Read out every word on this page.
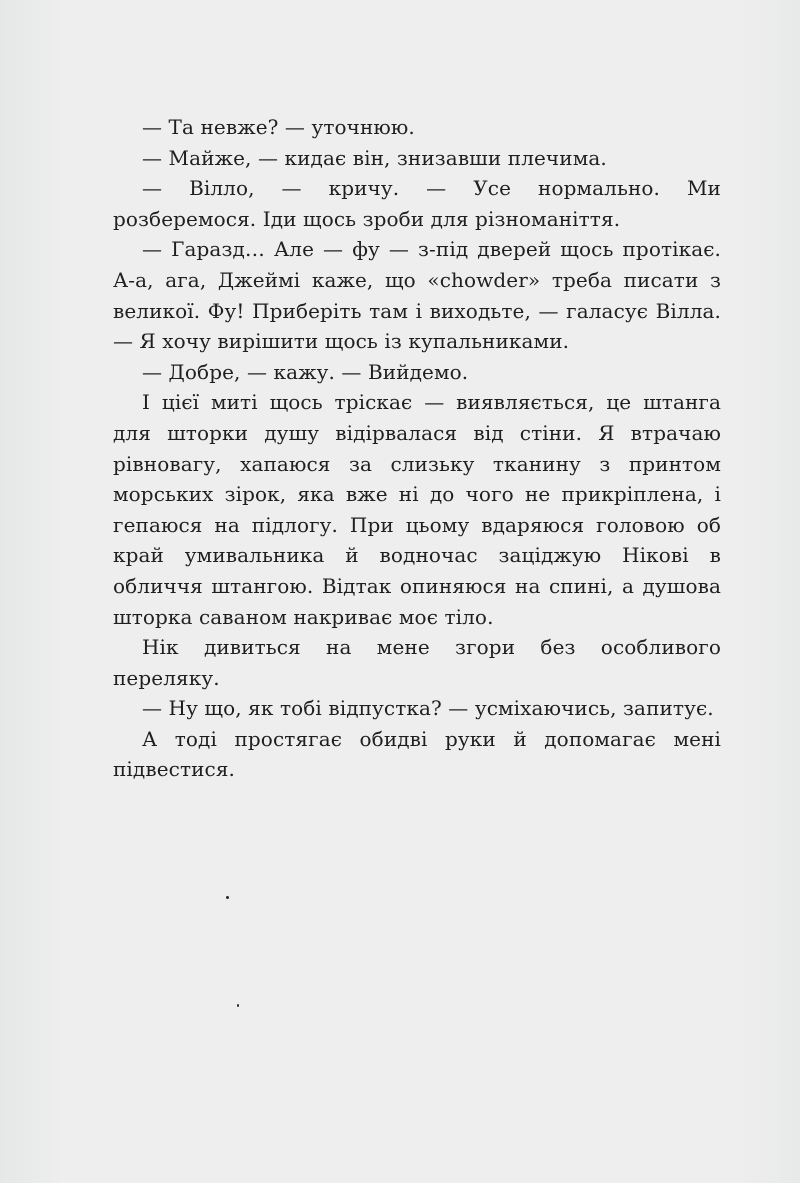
— Та невже? — уточнюю.

— Майже, — кидає він, знизавши плечима.

— Вілло, — кричу. — Усе нормально. Ми розберемося. Іди щось зроби для різноманіття.

— Гаразд… Але — фу — з-під дверей щось протікає. А-а, ага, Джеймі каже, що «chowder» треба писати з великої. Фу! Приберіть там і виходьте, — галасує Вілла. — Я хочу вирішити щось із купальниками.

— Добре, — кажу. — Вийдемо.

І цієї миті щось тріскає — виявляється, це штанга для шторки душу відірвалася від стіни. Я втрачаю рівновагу, хапаюся за слизьку тканину з принтом морських зірок, яка вже ні до чого не прикріплена, і гепаюся на підлогу. При цьому вдаряюся головою об край умивальника й водночас заціджую Нікові в обличчя штангою. Відтак опиняюся на спині, а душова шторка саваном накриває моє тіло.

Нік дивиться на мене згори без особливого переляку.

— Ну що, як тобі відпустка? — усміхаючись, запитує.

А тоді простягає обидві руки й допомагає мені підвестися.
